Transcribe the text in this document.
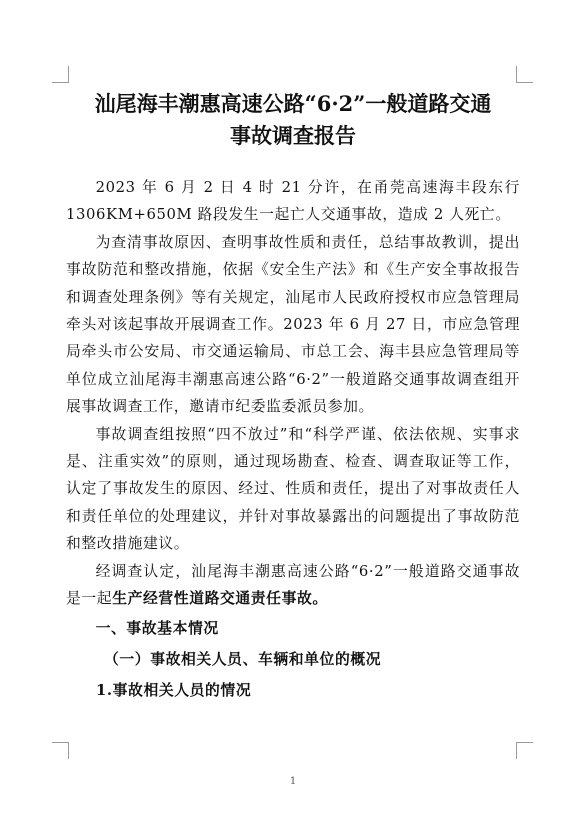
汕尾海丰潮惠高速公路“6·2”一般道路交通
事故调查报告

2023 年 6 月 2 日 4 时 21 分许，在甬莞高速海丰段东行 1306KM+650M 路段发生一起亡人交通事故，造成 2 人死亡。

为查清事故原因、查明事故性质和责任，总结事故教训，提出事故防范和整改措施，依据《安全生产法》和《生产安全事故报告和调查处理条例》等有关规定，汕尾市人民政府授权市应急管理局牵头对该起事故开展调查工作。2023 年 6 月 27 日，市应急管理局牵头市公安局、市交通运输局、市总工会、海丰县应急管理局等单位成立汕尾海丰潮惠高速公路“6·2”一般道路交通事故调查组开展事故调查工作，邀请市纪委监委派员参加。

事故调查组按照“四不放过”和“科学严谨、依法依规、实事求是、注重实效”的原则，通过现场勘查、检查、调查取证等工作，认定了事故发生的原因、经过、性质和责任，提出了对事故责任人和责任单位的处理建议，并针对事故暴露出的问题提出了事故防范和整改措施建议。

经调查认定，汕尾海丰潮惠高速公路“6·2”一般道路交通事故是一起生产经营性道路交通责任事故。

一、事故基本情况

（一）事故相关人员、车辆和单位的概况

1.事故相关人员的情况

1
